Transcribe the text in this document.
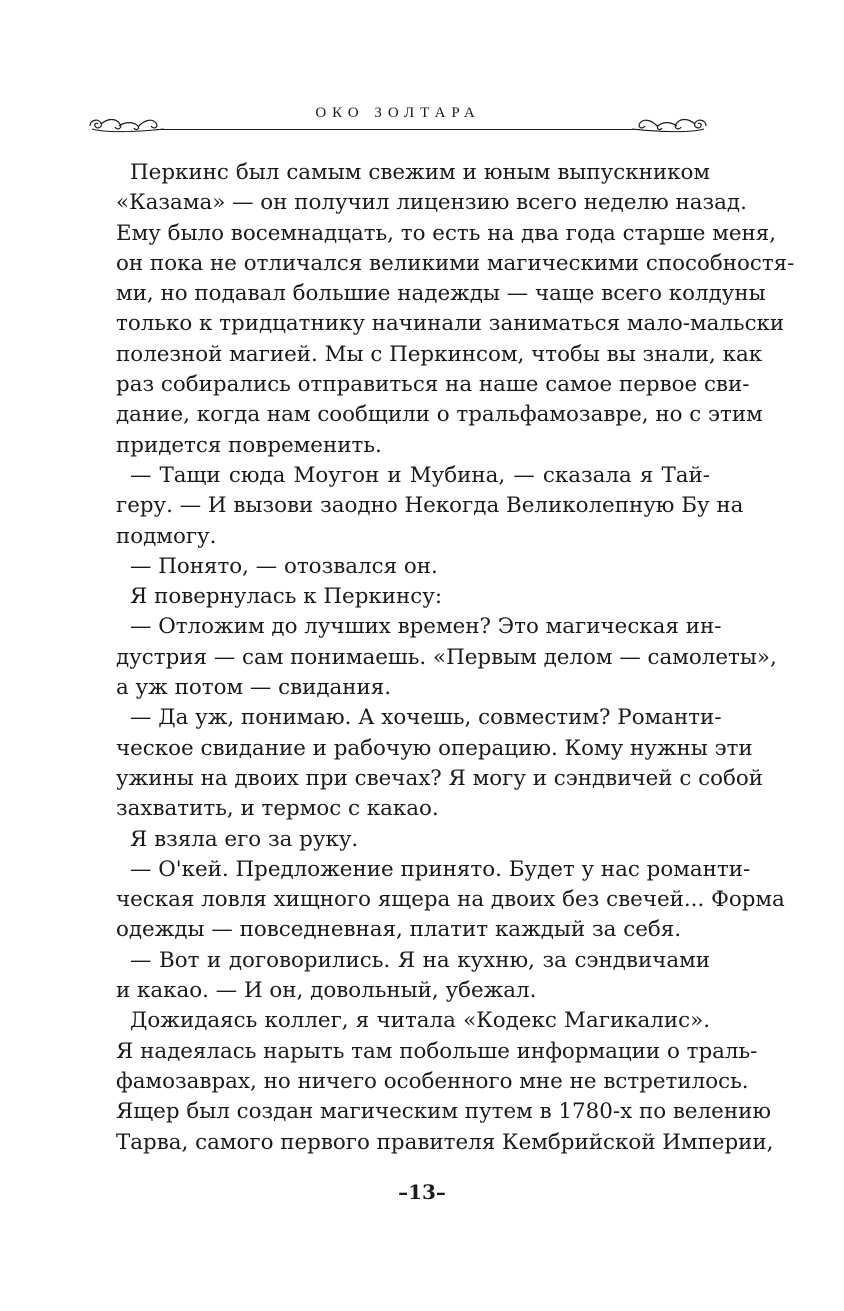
ОКО ЗОЛТАРА
Перкинс был самым свежим и юным выпускником
«Казама» — он получил лицензию всего неделю назад.
Ему было восемнадцать, то есть на два года старше меня,
он пока не отличался великими магическими способностя-
ми, но подавал большие надежды — чаще всего колдуны
только к тридцатнику начинали заниматься мало-мальски
полезной магией. Мы с Перкинсом, чтобы вы знали, как
раз собирались отправиться на наше самое первое сви-
дание, когда нам сообщили о тральфамозавре, но с этим
придется повременить.
— Тащи сюда Моугон и Мубина, — сказала я Тай-
геру. — И вызови заодно Некогда Великолепную Бу на
подмогу.
— Понято, — отозвался он.
Я повернулась к Перкинсу:
— Отложим до лучших времен? Это магическая ин-
дустрия — сам понимаешь. «Первым делом — самолеты»,
а уж потом — свидания.
— Да уж, понимаю. А хочешь, совместим? Романти-
ческое свидание и рабочую операцию. Кому нужны эти
ужины на двоих при свечах? Я могу и сэндвичей с собой
захватить, и термос с какао.
Я взяла его за руку.
— О'кей. Предложение принято. Будет у нас романти-
ческая ловля хищного ящера на двоих без свечей... Форма
одежды — повседневная, платит каждый за себя.
— Вот и договорились. Я на кухню, за сэндвичами
и какао. — И он, довольный, убежал.
Дожидаясь коллег, я читала «Кодекс Магикалис».
Я надеялась нарыть там побольше информации о траль-
фамозаврах, но ничего особенного мне не встретилось.
Ящер был создан магическим путем в 1780-х по велению
Тарва, самого первого правителя Кембрийской Империи,
–13–
